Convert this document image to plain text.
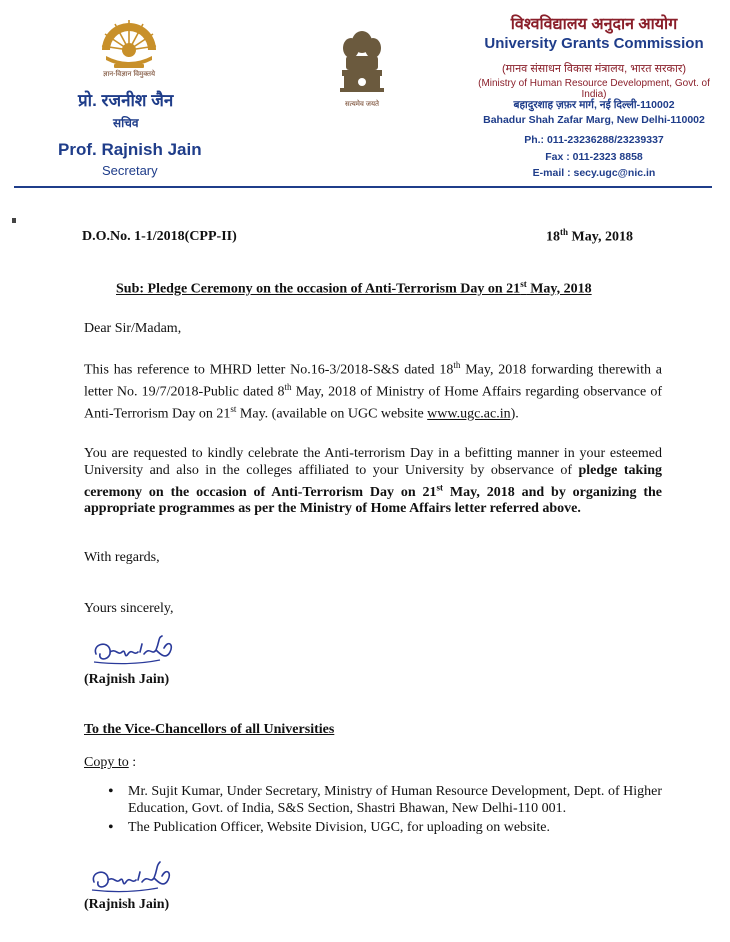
ज्ञान-विज्ञान विमुक्तये
प्रो. रजनीश जैन
सचिव
Prof. Rajnish Jain
Secretary
सत्यमेव जयते
विश्वविद्यालय अनुदान आयोग
University Grants Commission
(मानव संसाधन विकास मंत्रालय, भारत सरकार)
(Ministry of Human Resource Development, Govt. of India)
बहादुरशाह ज़फ़र मार्ग, नई दिल्ली-110002
Bahadur Shah Zafar Marg, New Delhi-110002
Ph.: 011-23236288/23239337
Fax : 011-2323 8858
E-mail : secy.ugc@nic.in
D.O.No. 1-1/2018(CPP-II)	18th May, 2018
Sub: Pledge Ceremony on the occasion of Anti-Terrorism Day on 21st May, 2018
Dear Sir/Madam,
This has reference to MHRD letter No.16-3/2018-S&S dated 18th May, 2018 forwarding therewith a letter No. 19/7/2018-Public dated 8th May, 2018 of Ministry of Home Affairs regarding observance of Anti-Terrorism Day on 21st May. (available on UGC website www.ugc.ac.in).
You are requested to kindly celebrate the Anti-terrorism Day in a befitting manner in your esteemed University and also in the colleges affiliated to your University by observance of pledge taking ceremony on the occasion of Anti-Terrorism Day on 21st May, 2018 and by organizing the appropriate programmes as per the Ministry of Home Affairs letter referred above.
With regards,
Yours sincerely,
(Rajnish Jain)
To the Vice-Chancellors of all Universities
Copy to :
• Mr. Sujit Kumar, Under Secretary, Ministry of Human Resource Development, Dept. of Higher Education, Govt. of India, S&S Section, Shastri Bhawan, New Delhi-110 001.
• The Publication Officer, Website Division, UGC, for uploading on website.
(Rajnish Jain)
